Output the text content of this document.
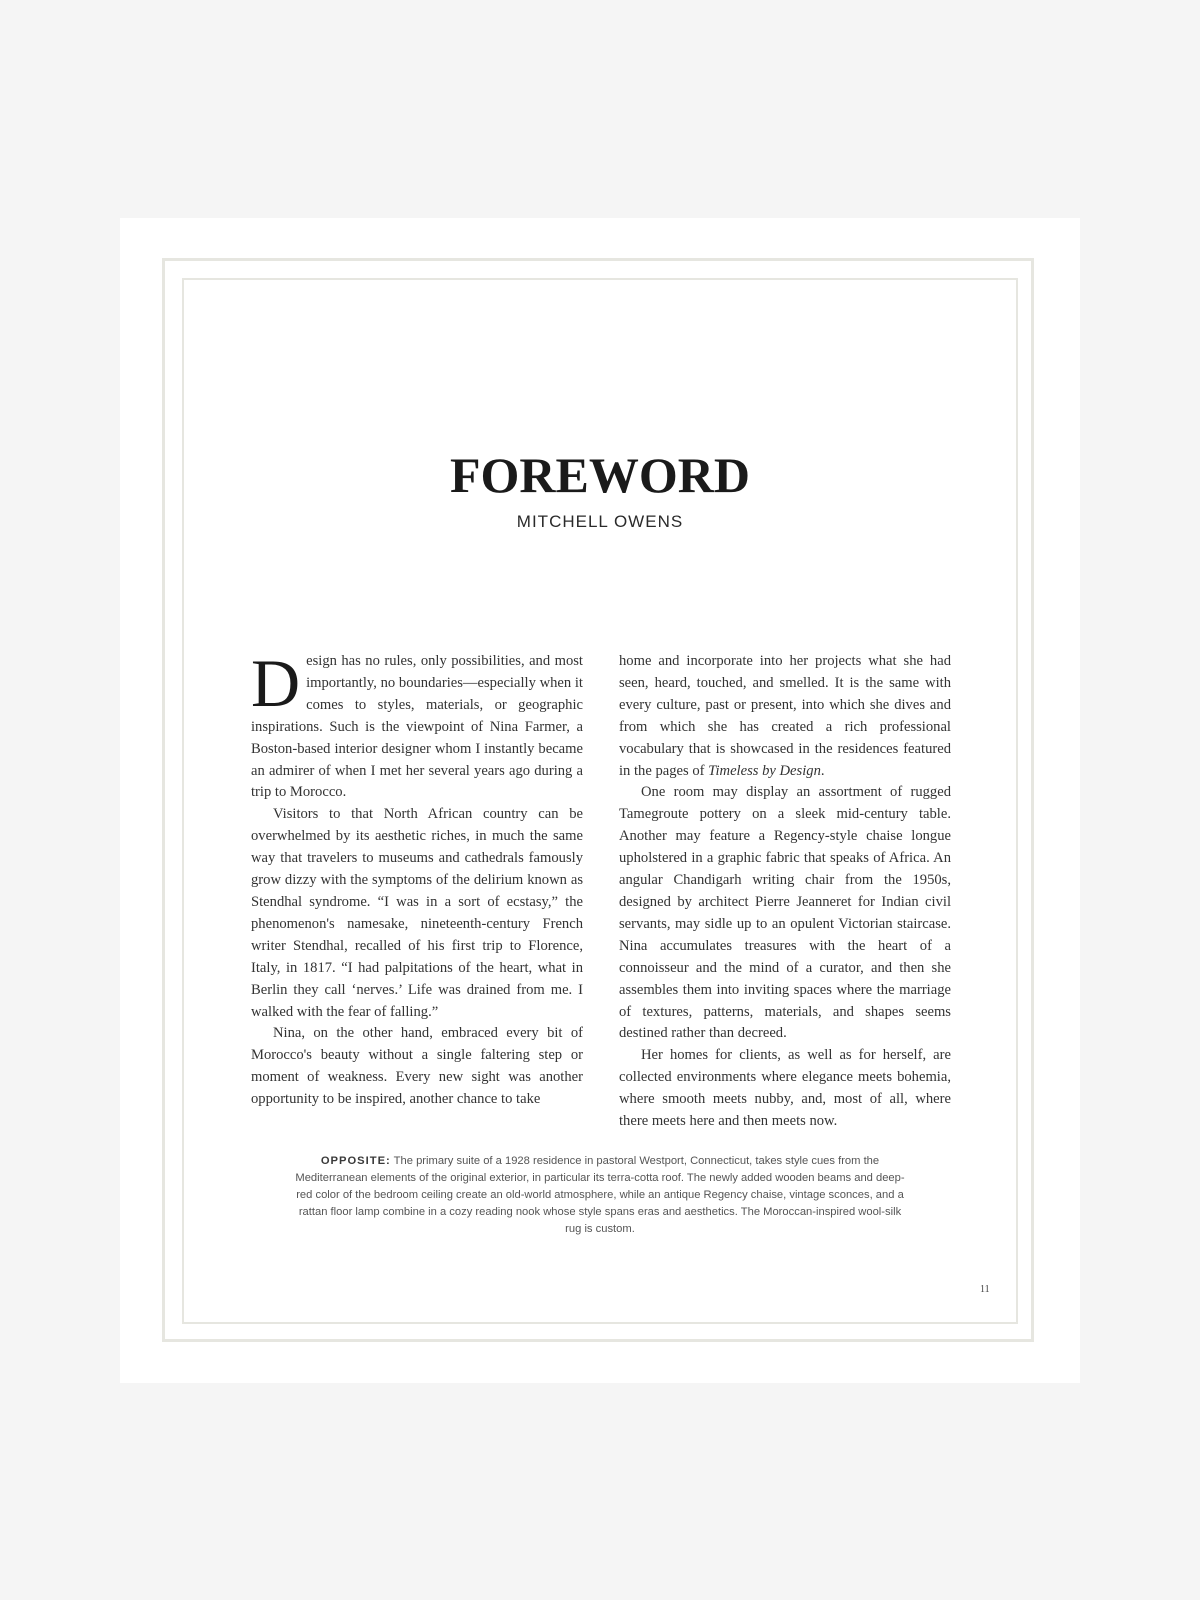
FOREWORD
MITCHELL OWENS

Design has no rules, only possibilities, and most importantly, no boundaries—especially when it comes to styles, materials, or geographic inspirations. Such is the viewpoint of Nina Farmer, a Boston-based interior designer whom I instantly became an admirer of when I met her several years ago during a trip to Morocco.

Visitors to that North African country can be overwhelmed by its aesthetic riches, in much the same way that travelers to museums and cathedrals famously grow dizzy with the symptoms of the delirium known as Stendhal syndrome. “I was in a sort of ecstasy,” the phenomenon's namesake, nineteenth-century French writer Stendhal, recalled of his first trip to Florence, Italy, in 1817. “I had palpitations of the heart, what in Berlin they call ‘nerves.’ Life was drained from me. I walked with the fear of falling.”

Nina, on the other hand, embraced every bit of Morocco's beauty without a single faltering step or moment of weakness. Every new sight was another opportunity to be inspired, another chance to take

home and incorporate into her projects what she had seen, heard, touched, and smelled. It is the same with every culture, past or present, into which she dives and from which she has created a rich professional vocabulary that is showcased in the residences featured in the pages of Timeless by Design.

One room may display an assortment of rugged Tamegroute pottery on a sleek mid-century table. Another may feature a Regency-style chaise longue upholstered in a graphic fabric that speaks of Africa. An angular Chandigarh writing chair from the 1950s, designed by architect Pierre Jeanneret for Indian civil servants, may sidle up to an opulent Victorian staircase. Nina accumulates treasures with the heart of a connoisseur and the mind of a curator, and then she assembles them into inviting spaces where the marriage of textures, patterns, materials, and shapes seems destined rather than decreed.

Her homes for clients, as well as for herself, are collected environments where elegance meets bohemia, where smooth meets nubby, and, most of all, where there meets here and then meets now.

OPPOSITE: The primary suite of a 1928 residence in pastoral Westport, Connecticut, takes style cues from the Mediterranean elements of the original exterior, in particular its terra-cotta roof. The newly added wooden beams and deep-red color of the bedroom ceiling create an old-world atmosphere, while an antique Regency chaise, vintage sconces, and a rattan floor lamp combine in a cozy reading nook whose style spans eras and aesthetics. The Moroccan-inspired wool-silk rug is custom.
11
